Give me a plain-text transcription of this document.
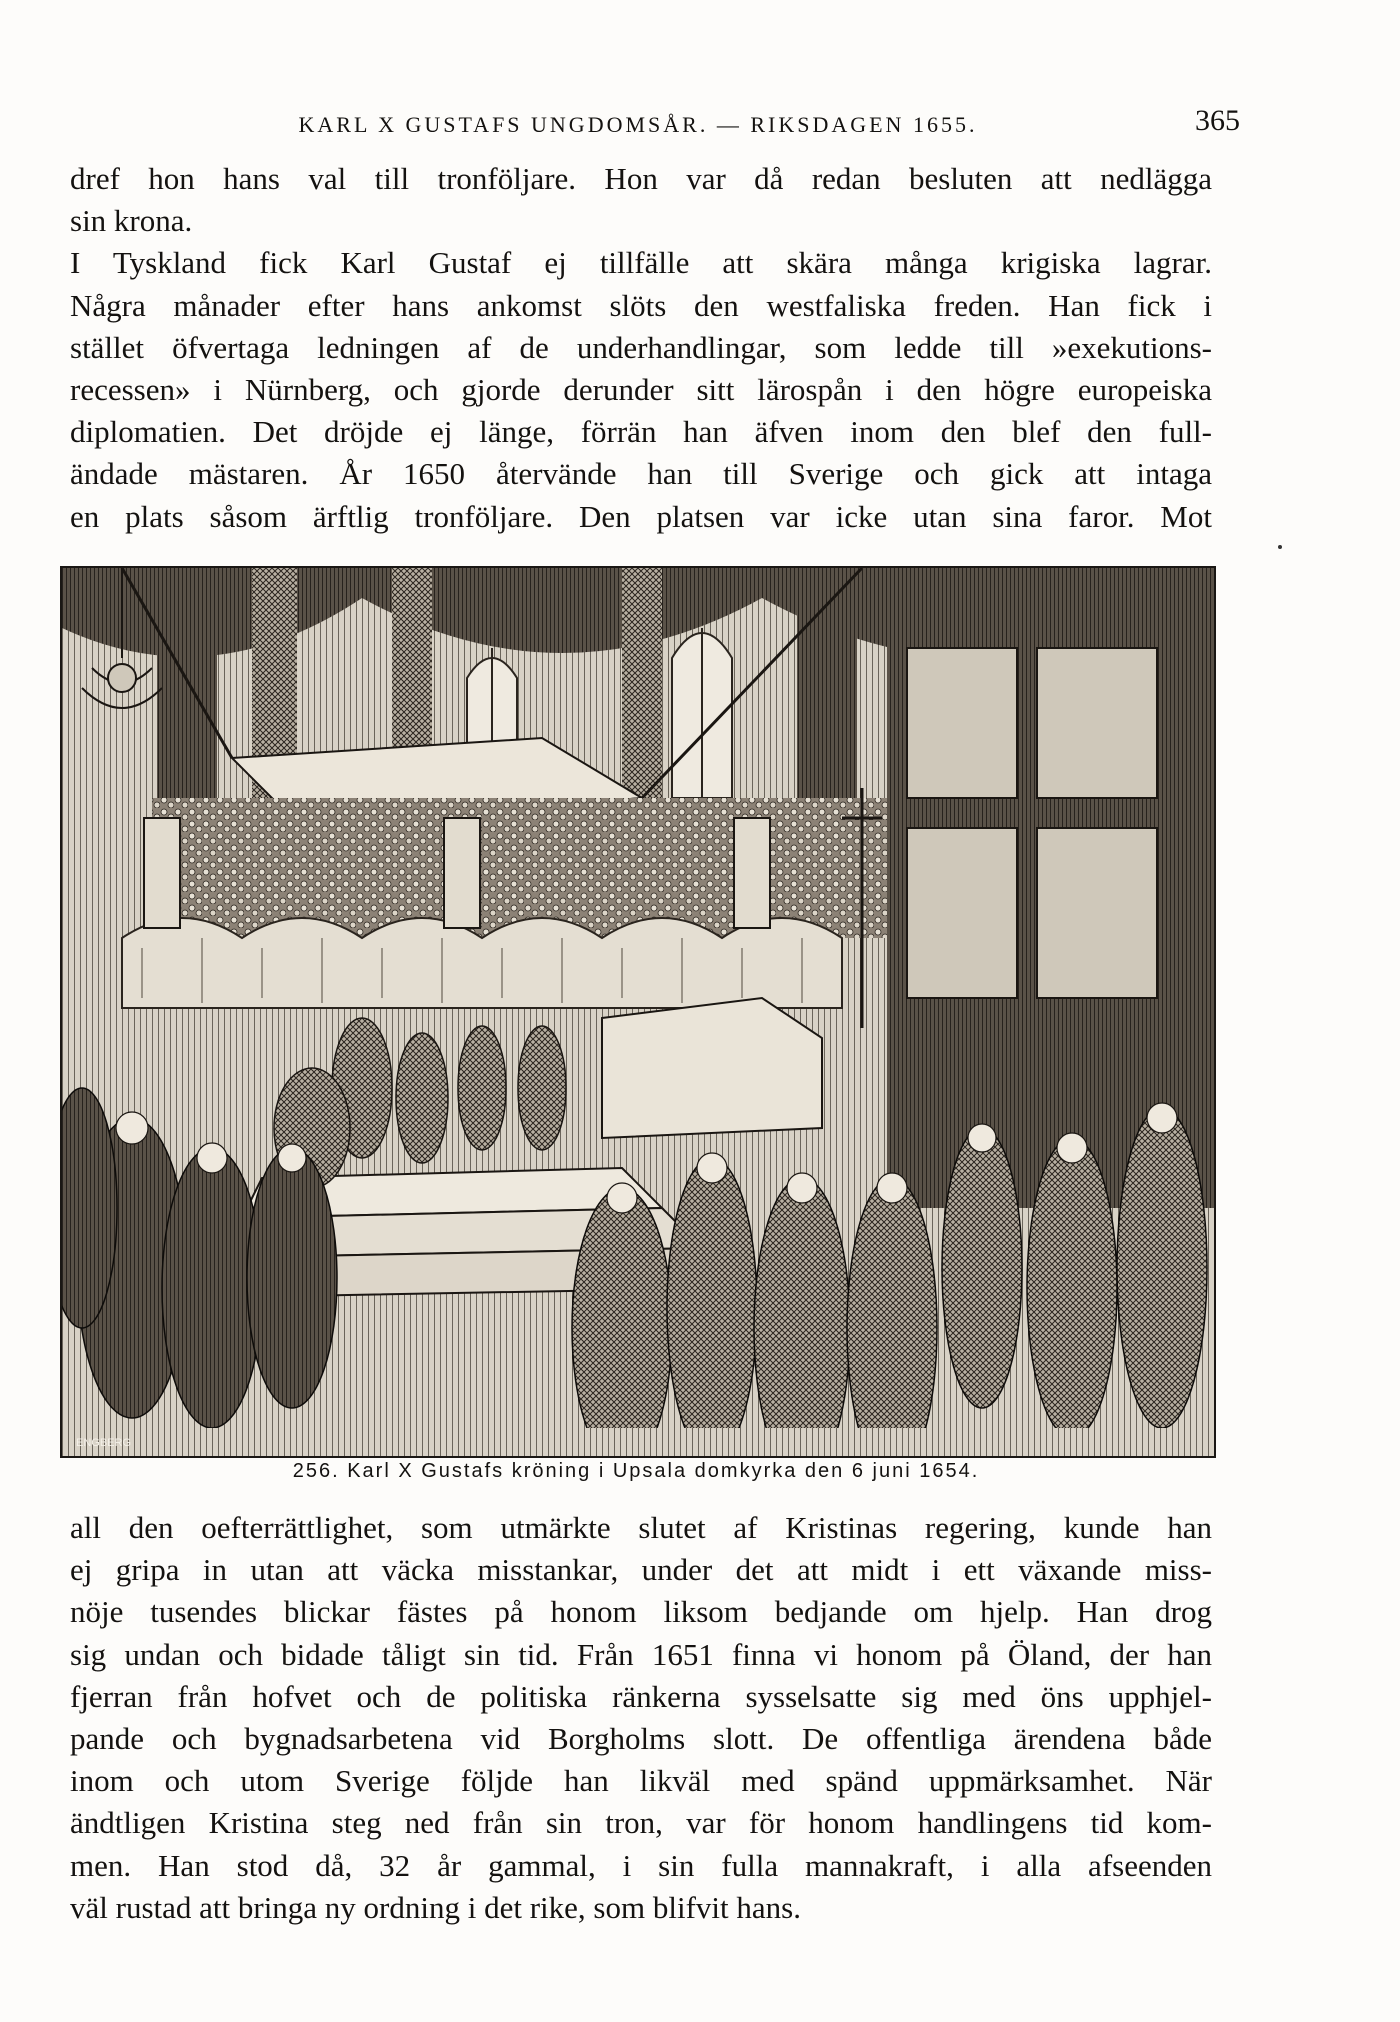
KARL X GUSTAFS UNGDOMSÅR. — RIKSDAGEN 1655.	365
dref hon hans val till tronföljare. Hon var då redan besluten att nedlägga
sin krona.
I Tyskland fick Karl Gustaf ej tillfälle att skära många krigiska lagrar.
Några månader efter hans ankomst slöts den westfaliska freden. Han fick i
stället öfvertaga ledningen af de underhandlingar, som ledde till »exekutions-
recessen» i Nürnberg, och gjorde derunder sitt lärospån i den högre europeiska
diplomatien. Det dröjde ej länge, förrän han äfven inom den blef den full-
ändade mästaren. År 1650 återvände han till Sverige och gick att intaga
en plats såsom ärftlig tronföljare. Den platsen var icke utan sina faror. Mot
ENGBERG
256. Karl X Gustafs kröning i Upsala domkyrka den 6 juni 1654.
all den oefterrättlighet, som utmärkte slutet af Kristinas regering, kunde han
ej gripa in utan att väcka misstankar, under det att midt i ett växande miss-
nöje tusendes blickar fästes på honom liksom bedjande om hjelp. Han drog
sig undan och bidade tåligt sin tid. Från 1651 finna vi honom på Öland, der han
fjerran från hofvet och de politiska ränkerna sysselsatte sig med öns upphjel-
pande och bygnadsarbetena vid Borgholms slott. De offentliga ärendena både
inom och utom Sverige följde han likväl med spänd uppmärksamhet. När
ändtligen Kristina steg ned från sin tron, var för honom handlingens tid kom-
men. Han stod då, 32 år gammal, i sin fulla mannakraft, i alla afseenden
väl rustad att bringa ny ordning i det rike, som blifvit hans.
